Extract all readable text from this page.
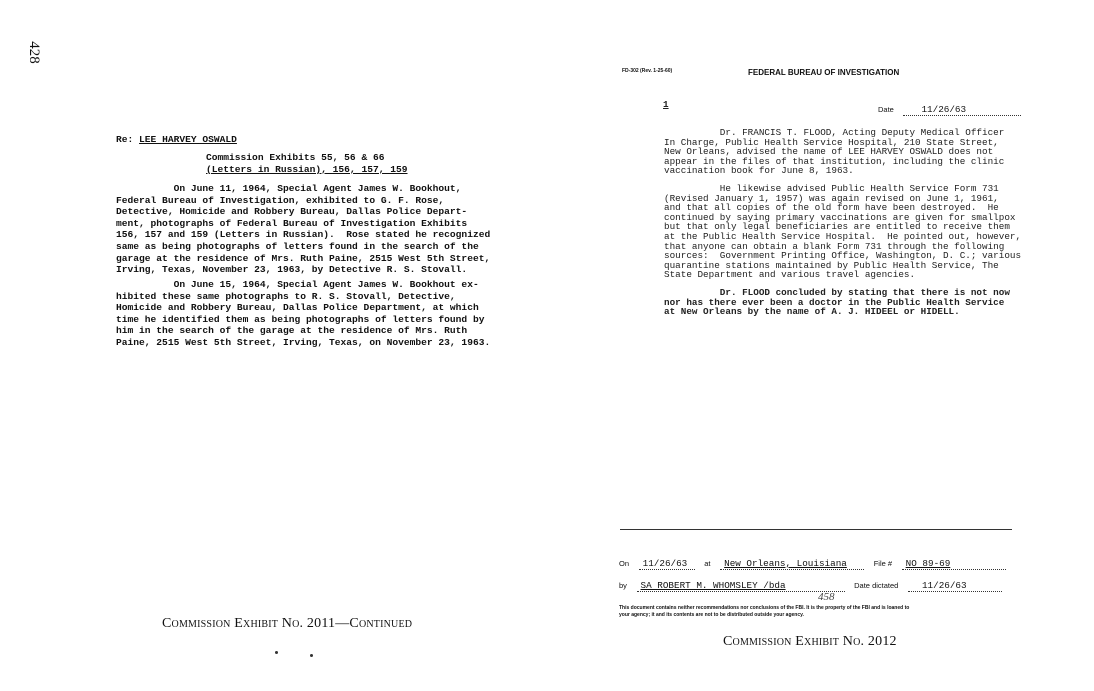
428
Re: LEE HARVEY OSWALD
Commission Exhibits 55, 56 & 66
(Letters in Russian), 156, 157, 159
On June 11, 1964, Special Agent James W. Bookhout,
Federal Bureau of Investigation, exhibited to G. F. Rose,
Detective, Homicide and Robbery Bureau, Dallas Police Depart-
ment, photographs of Federal Bureau of Investigation Exhibits
156, 157 and 159 (Letters in Russian).  Rose stated he recognized
same as being photographs of letters found in the search of the
garage at the residence of Mrs. Ruth Paine, 2515 West 5th Street,
Irving, Texas, November 23, 1963, by Detective R. S. Stovall.
On June 15, 1964, Special Agent James W. Bookhout ex-
hibited these same photographs to R. S. Stovall, Detective,
Homicide and Robbery Bureau, Dallas Police Department, at which
time he identified them as being photographs of letters found by
him in the search of the garage at the residence of Mrs. Ruth
Paine, 2515 West 5th Street, Irving, Texas, on November 23, 1963.
Commission Exhibit No. 2011—Continued
FD-302 (Rev. 1-25-60)	FEDERAL BUREAU OF INVESTIGATION
1	Date	11/26/63
Dr. FRANCIS T. FLOOD, Acting Deputy Medical Officer
In Charge, Public Health Service Hospital, 210 State Street,
New Orleans, advised the name of LEE HARVEY OSWALD does not
appear in the files of that institution, including the clinic
vaccination book for June 8, 1963.
He likewise advised Public Health Service Form 731
(Revised January 1, 1957) was again revised on June 1, 1961,
and that all copies of the old form have been destroyed.  He
continued by saying primary vaccinations are given for smallpox
but that only legal beneficiaries are entitled to receive them
at the Public Health Service Hospital.  He pointed out, however,
that anyone can obtain a blank Form 731 through the following
sources:  Government Printing Office, Washington, D. C.; various
quarantine stations maintained by Public Health Service, The
State Department and various travel agencies.
Dr. FLOOD concluded by stating that there is not now
nor has there ever been a doctor in the Public Health Service
at New Orleans by the name of A. J. HIDEEL or HIDELL.
On 11/26/63 at New Orleans, Louisiana	File # NO 89-69
by SA ROBERT M. WHOMSLEY /bda	Date dictated	11/26/63
458
This document contains neither recommendations nor conclusions of the FBI. It is the property of the FBI and is loaned to
your agency; it and its contents are not to be distributed outside your agency.
Commission Exhibit No. 2012
